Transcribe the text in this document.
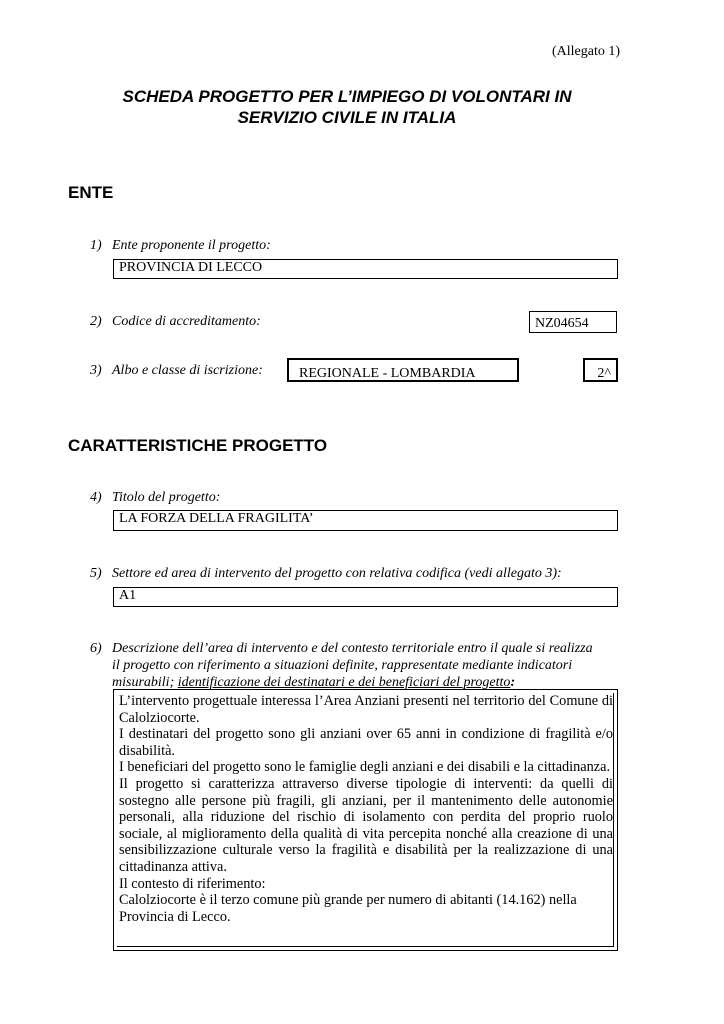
(Allegato 1)
SCHEDA PROGETTO PER L’IMPIEGO DI VOLONTARI IN
SERVIZIO CIVILE IN ITALIA
ENTE
1) Ente proponente il progetto:
PROVINCIA DI LECCO
2) Codice di accreditamento:	NZ04654
3) Albo e classe di iscrizione:	REGIONALE - LOMBARDIA	2^
CARATTERISTICHE PROGETTO
4) Titolo del progetto:
LA FORZA DELLA FRAGILITA’
5) Settore ed area di intervento del progetto con relativa codifica (vedi allegato 3):
A1
6) Descrizione dell’area di intervento e del contesto territoriale entro il quale si realizza
il progetto con riferimento a situazioni definite, rappresentate mediante indicatori
misurabili; identificazione dei destinatari e dei beneficiari del progetto:

L’intervento progettuale interessa l’Area Anziani presenti nel territorio del Comune di Calolziocorte.

I destinatari del progetto sono gli anziani over 65 anni in condizione di fragilità e/o disabilità.

I beneficiari del progetto sono le famiglie degli anziani e dei disabili e la cittadinanza.

Il progetto si caratterizza attraverso diverse tipologie di interventi: da quelli di sostegno alle persone più fragili, gli anziani, per il mantenimento delle autonomie personali, alla riduzione del rischio di isolamento con perdita del proprio ruolo sociale, al miglioramento della qualità di vita percepita nonché alla creazione di una sensibilizzazione culturale verso la fragilità e disabilità per la realizzazione di una cittadinanza attiva.

Il contesto di riferimento:

Calolziocorte è il terzo comune più grande per numero di abitanti (14.162) nella Provincia di Lecco.
